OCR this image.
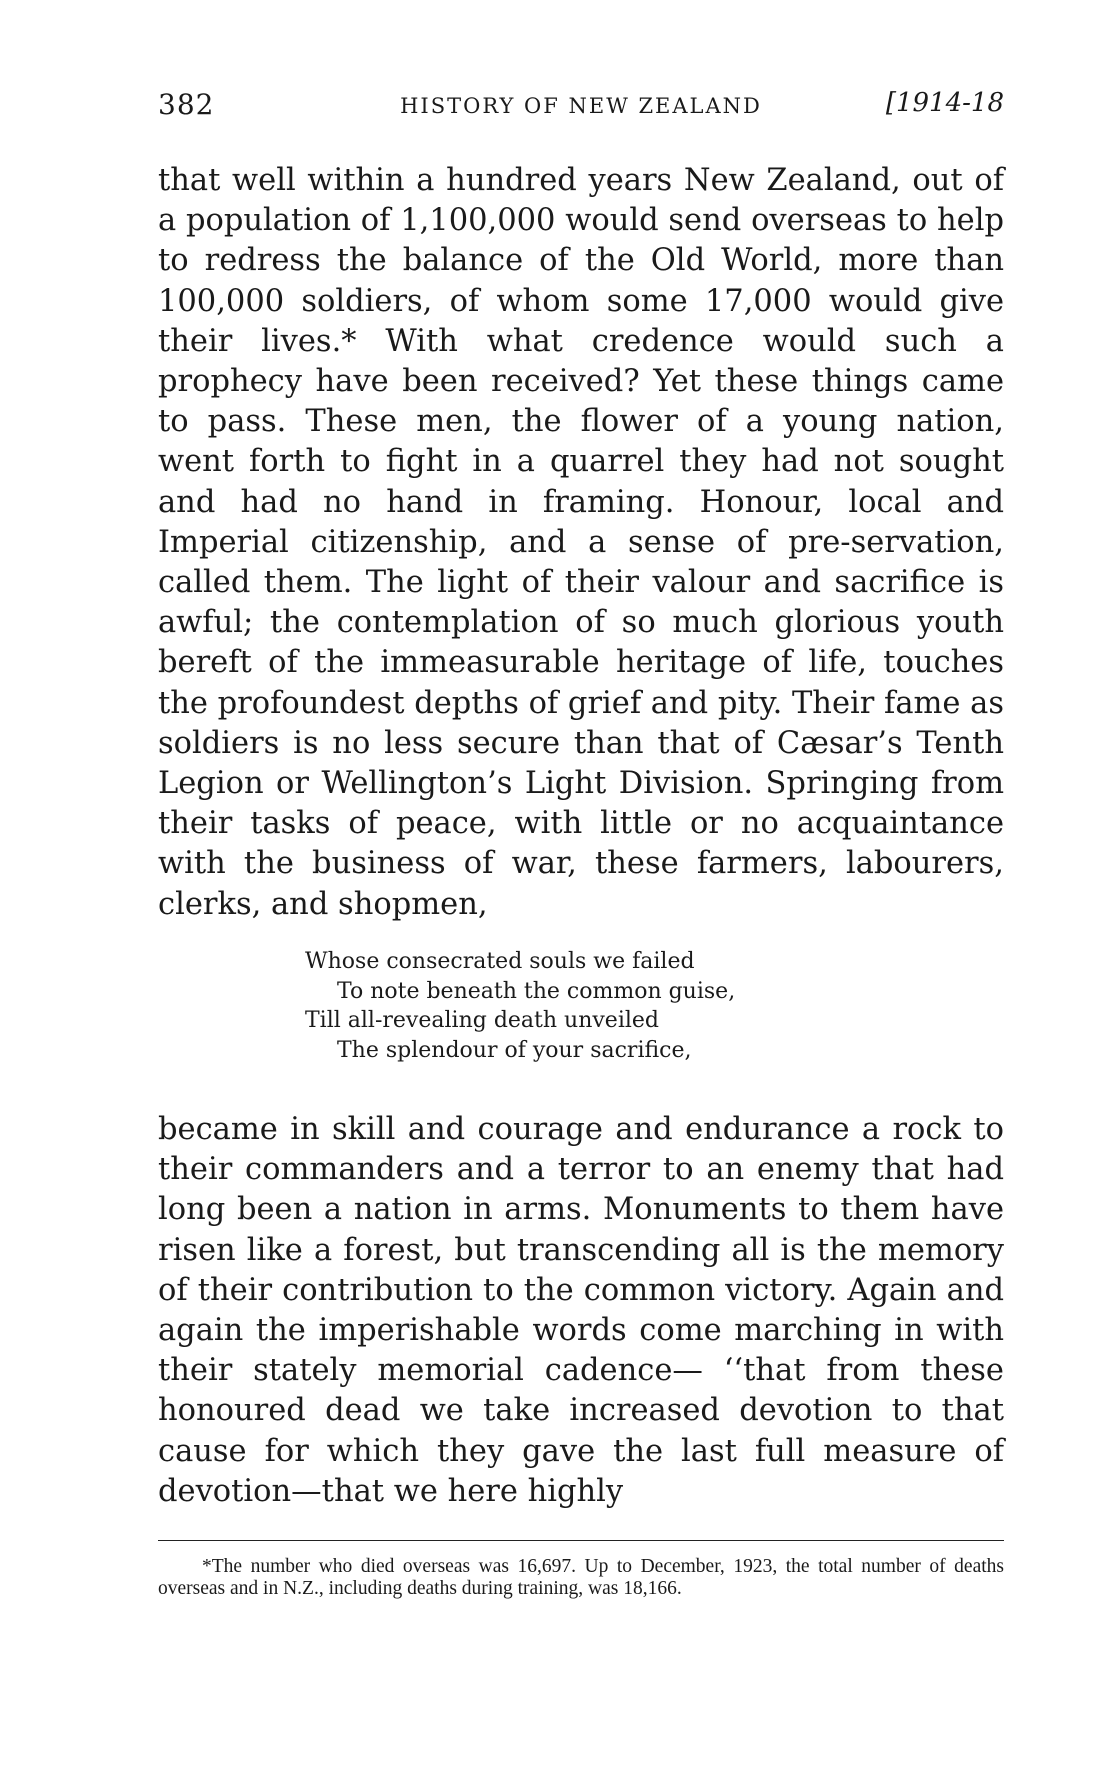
382	HISTORY OF NEW ZEALAND	[1914-18

that well within a hundred years New Zealand, out of a population of 1,100,000 would send overseas to help to redress the balance of the Old World, more than 100,000 soldiers, of whom some 17,000 would give their lives.* With what credence would such a prophecy have been received? Yet these things came to pass. These men, the flower of a young nation, went forth to fight in a quarrel they had not sought and had no hand in framing. Honour, local and Imperial citizenship, and a sense of pre-servation, called them. The light of their valour and sacrifice is awful; the contemplation of so much glorious youth bereft of the immeasurable heritage of life, touches the profoundest depths of grief and pity. Their fame as soldiers is no less secure than that of Cæsar’s Tenth Legion or Wellington’s Light Division. Springing from their tasks of peace, with little or no acquaintance with the business of war, these farmers, labourers, clerks, and shopmen,

Whose consecrated souls we failed
To note beneath the common guise,
Till all-revealing death unveiled
The splendour of your sacrifice,

became in skill and courage and endurance a rock to their commanders and a terror to an enemy that had long been a nation in arms. Monuments to them have risen like a forest, but transcending all is the memory of their contribution to the common victory. Again and again the imperishable words come marching in with their stately memorial cadence— ‘‘that from these honoured dead we take increased devotion to that cause for which they gave the last full measure of devotion—that we here highly

*The number who died overseas was 16,697. Up to December, 1923, the total number of deaths overseas and in N.Z., including deaths during training, was 18,166.
